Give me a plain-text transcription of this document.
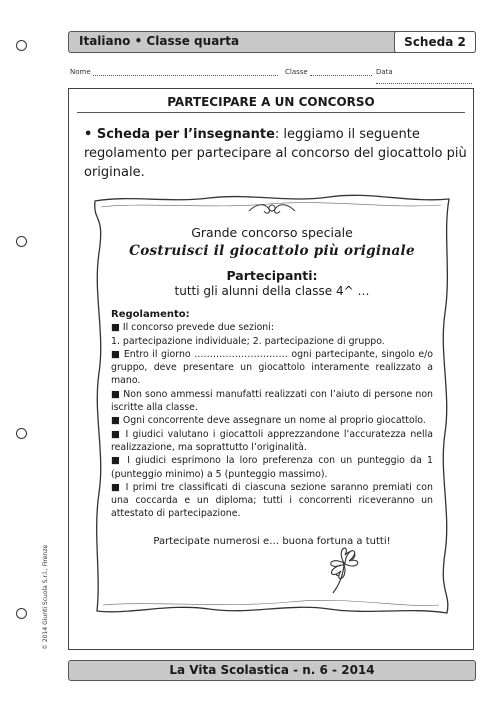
Italiano • Classe quarta	Scheda 2
Nome	Classe	Data
PARTECIPARE A UN CONCORSO
• Scheda per l’insegnante: leggiamo il seguente regolamento per partecipare al concorso del giocattolo più originale.
Grande concorso speciale
Costruisci il giocattolo più originale
Partecipanti:
tutti gli alunni della classe 4^ …

Regolamento:

■ Il concorso prevede due sezioni:

1. partecipazione individuale; 2. partecipazione di gruppo.

■ Entro il giorno ………………………… ogni partecipante, singolo e/o gruppo, deve presentare un giocattolo interamente realizzato a mano.

■ Non sono ammessi manufatti realizzati con l’aiuto di persone non iscritte alla classe.

■ Ogni concorrente deve assegnare un nome al proprio giocattolo.

■ I giudici valutano i giocattoli apprezzandone l’accuratezza nella realizzazione, ma soprattutto l’originalità.

■ I giudici esprimono la loro preferenza con un punteggio da 1 (punteggio minimo) a 5 (punteggio massimo).

■ I primi tre classificati di ciascuna sezione saranno premiati con una coccarda e un diploma; tutti i concorrenti riceveranno un attestato di partecipazione.

Partecipate numerosi e… buona fortuna a tutti!
© 2014 Giunti Scuola S.r.l., Firenze
La Vita Scolastica - n. 6 - 2014
